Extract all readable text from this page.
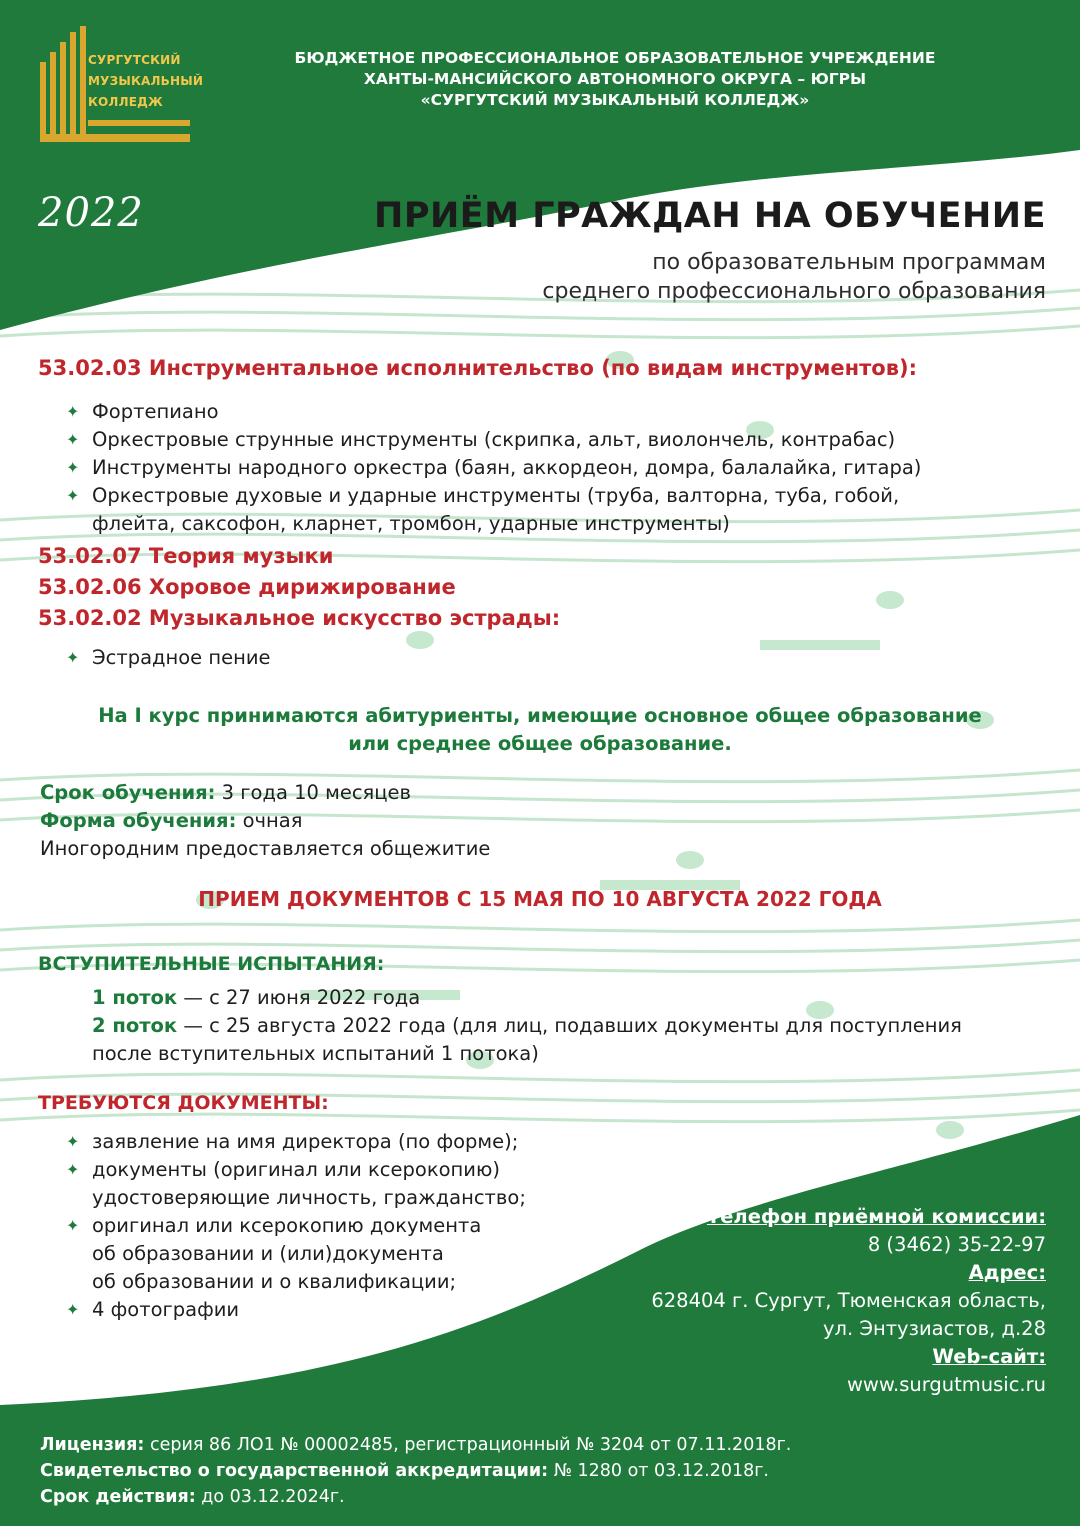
СУРГУТСКИЙ
МУЗЫКАЛЬНЫЙ
КОЛЛЕДЖ
БЮДЖЕТНОЕ ПРОФЕССИОНАЛЬНОЕ ОБРАЗОВАТЕЛЬНОЕ УЧРЕЖДЕНИЕ
ХАНТЫ-МАНСИЙСКОГО АВТОНОМНОГО ОКРУГА – ЮГРЫ
«СУРГУТСКИЙ МУЗЫКАЛЬНЫЙ КОЛЛЕДЖ»
2022	ПРИЁМ ГРАЖДАН НА ОБУЧЕНИЕ
по образовательным программам
среднего профессионального образования
53.02.03 Инструментальное исполнительство (по видам инструментов):
✦ Фортепиано
✦ Оркестровые струнные инструменты (скрипка, альт, виолончель, контрабас)
✦ Инструменты народного оркестра (баян, аккордеон, домра, балалайка, гитара)
✦ Оркестровые духовые и ударные инструменты (труба, валторна, туба, гобой,
флейта, саксофон, кларнет, тромбон, ударные инструменты)
53.02.07 Теория музыки
53.02.06 Хоровое дирижирование
53.02.02 Музыкальное искусство эстрады:
✦ Эстрадное пение
На I курс принимаются абитуриенты, имеющие основное общее образование
или среднее общее образование.
Срок обучения: 3 года 10 месяцев
Форма обучения: очная
Иногородним предоставляется общежитие
ПРИЕМ ДОКУМЕНТОВ С 15 МАЯ ПО 10 АВГУСТА 2022 ГОДА
ВСТУПИТЕЛЬНЫЕ ИСПЫТАНИЯ:
1 поток — с 27 июня 2022 года
2 поток — с 25 августа 2022 года (для лиц, подавших документы для поступления
после вступительных испытаний 1 потока)
ТРЕБУЮТСЯ ДОКУМЕНТЫ:
✦ заявление на имя директора (по форме);
✦ документы (оригинал или ксерокопию)
удостоверяющие личность, гражданство;
✦ оригинал или ксерокопию документа
об образовании и (или)документа
об образовании и о квалификации;
✦ 4 фотографии
Телефон приёмной комиссии:
8 (3462) 35-22-97
Адрес:
628404 г. Сургут, Тюменская область,
ул. Энтузиастов, д.28
Web-сайт:
www.surgutmusic.ru
Лицензия: серия 86 ЛО1 № 00002485, регистрационный № 3204 от 07.11.2018г.
Свидетельство о государственной аккредитации: № 1280 от 03.12.2018г.
Срок действия: до 03.12.2024г.
